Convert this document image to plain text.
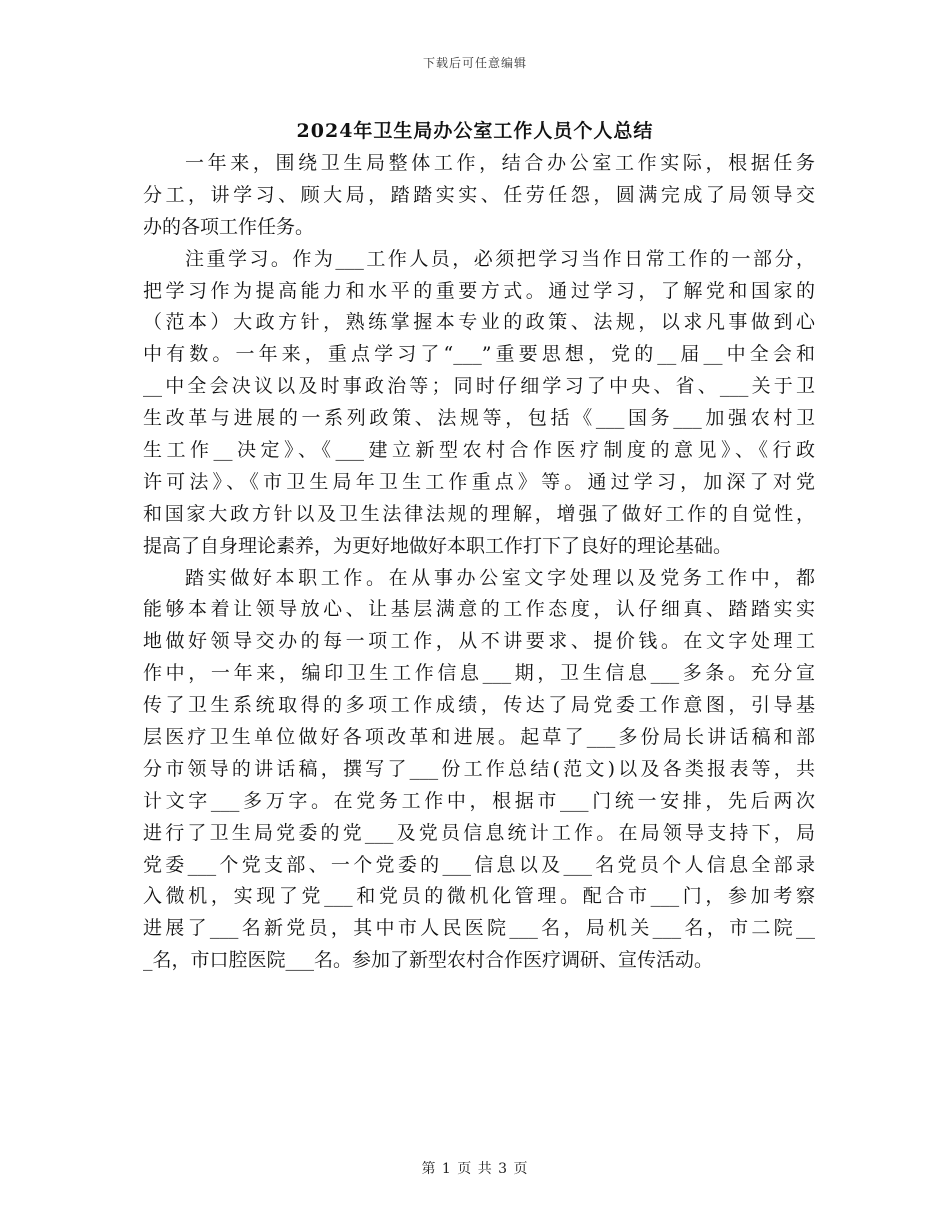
下载后可任意编辑
2024年卫生局办公室工作人员个人总结
一年来，围绕卫生局整体工作，结合办公室工作实际，根据任务
分工，讲学习、顾大局，踏踏实实、任劳任怨，圆满完成了局领导交
办的各项工作任务。
注重学习。作为___工作人员，必须把学习当作日常工作的一部分，
把学习作为提高能力和水平的重要方式。通过学习，了解党和国家的
（范本）大政方针，熟练掌握本专业的政策、法规，以求凡事做到心
中有数。一年来，重点学习了“___”重要思想，党的__届__中全会和
__中全会决议以及时事政治等；同时仔细学习了中央、省、___关于卫
生改革与进展的一系列政策、法规等，包括《___国务___加强农村卫
生工作__决定》、《___建立新型农村合作医疗制度的意见》、《行政
许可法》、《市卫生局年卫生工作重点》等。通过学习，加深了对党
和国家大政方针以及卫生法律法规的理解，增强了做好工作的自觉性，
提高了自身理论素养，为更好地做好本职工作打下了良好的理论基础。
踏实做好本职工作。在从事办公室文字处理以及党务工作中，都
能够本着让领导放心、让基层满意的工作态度，认仔细真、踏踏实实
地做好领导交办的每一项工作，从不讲要求、提价钱。在文字处理工
作中，一年来，编印卫生工作信息___期，卫生信息___多条。充分宣
传了卫生系统取得的多项工作成绩，传达了局党委工作意图，引导基
层医疗卫生单位做好各项改革和进展。起草了___多份局长讲话稿和部
分市领导的讲话稿，撰写了___份工作总结(范文)以及各类报表等，共
计文字___多万字。在党务工作中，根据市___门统一安排，先后两次
进行了卫生局党委的党___及党员信息统计工作。在局领导支持下，局
党委___个党支部、一个党委的___信息以及___名党员个人信息全部录
入微机，实现了党___和党员的微机化管理。配合市___门，参加考察
进展了___名新党员，其中市人民医院___名，局机关___名，市二院__
_名，市口腔医院___名。参加了新型农村合作医疗调研、宣传活动。
第 1 页 共 3 页
